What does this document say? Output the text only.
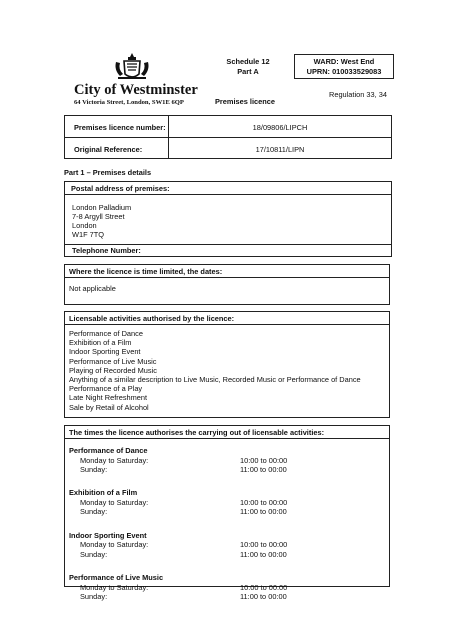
City of Westminster
64 Victoria Street, London, SW1E 6QP
Schedule 12
Part A
Premises licence
WARD: West End
UPRN: 010033529083
Regulation 33, 34
Premises licence number:	18/09806/LIPCH
Original Reference:	17/10811/LIPN
Part 1 – Premises details
Postal address of premises:
London Palladium
7-8 Argyll Street
London
W1F 7TQ
Telephone Number:
Where the licence is time limited, the dates:
Not applicable
Licensable activities authorised by the licence:
Performance of Dance
Exhibition of a Film
Indoor Sporting Event
Performance of Live Music
Playing of Recorded Music
Anything of a similar description to Live Music, Recorded Music or Performance of Dance
Performance of a Play
Late Night Refreshment
Sale by Retail of Alcohol
The times the licence authorises the carrying out of licensable activities:
Performance of Dance
Monday to Saturday:	10:00 to 00:00
Sunday:	11:00 to 00:00
Exhibition of a Film
Monday to Saturday:	10:00 to 00:00
Sunday:	11:00 to 00:00
Indoor Sporting Event
Monday to Saturday:	10:00 to 00:00
Sunday:	11:00 to 00:00
Performance of Live Music
Monday to Saturday:	10:00 to 00:00
Sunday:	11:00 to 00:00
